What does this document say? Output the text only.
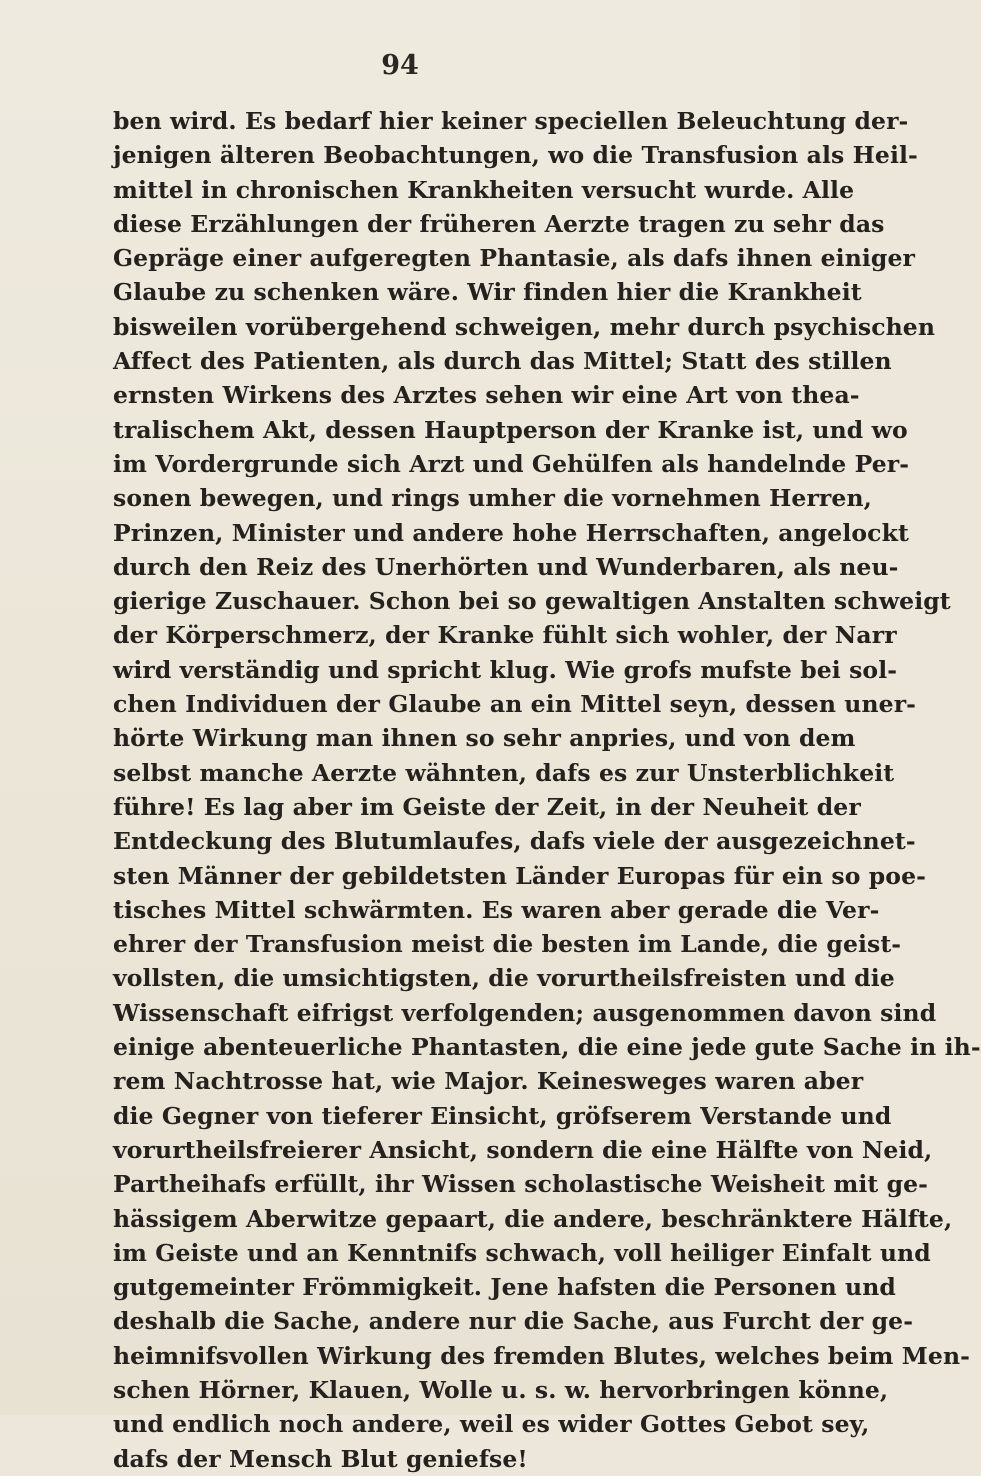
94
ben wird. Es bedarf hier keiner speciellen Beleuchtung der-
jenigen älteren Beobachtungen, wo die Transfusion als Heil-
mittel in chronischen Krankheiten versucht wurde. Alle
diese Erzählungen der früheren Aerzte tragen zu sehr das
Gepräge einer aufgeregten Phantasie, als dafs ihnen einiger
Glaube zu schenken wäre. Wir finden hier die Krankheit
bisweilen vorübergehend schweigen, mehr durch psychischen
Affect des Patienten, als durch das Mittel; Statt des stillen
ernsten Wirkens des Arztes sehen wir eine Art von thea-
tralischem Akt, dessen Hauptperson der Kranke ist, und wo
im Vordergrunde sich Arzt und Gehülfen als handelnde Per-
sonen bewegen, und rings umher die vornehmen Herren,
Prinzen, Minister und andere hohe Herrschaften, angelockt
durch den Reiz des Unerhörten und Wunderbaren, als neu-
gierige Zuschauer. Schon bei so gewaltigen Anstalten schweigt
der Körperschmerz, der Kranke fühlt sich wohler, der Narr
wird verständig und spricht klug. Wie grofs mufste bei sol-
chen Individuen der Glaube an ein Mittel seyn, dessen uner-
hörte Wirkung man ihnen so sehr anpries, und von dem
selbst manche Aerzte wähnten, dafs es zur Unsterblichkeit
führe! Es lag aber im Geiste der Zeit, in der Neuheit der
Entdeckung des Blutumlaufes, dafs viele der ausgezeichnet-
sten Männer der gebildetsten Länder Europas für ein so poe-
tisches Mittel schwärmten. Es waren aber gerade die Ver-
ehrer der Transfusion meist die besten im Lande, die geist-
vollsten, die umsichtigsten, die vorurtheilsfreisten und die
Wissenschaft eifrigst verfolgenden; ausgenommen davon sind
einige abenteuerliche Phantasten, die eine jede gute Sache in ih-
rem Nachtrosse hat, wie Major. Keinesweges waren aber
die Gegner von tieferer Einsicht, gröfserem Verstande und
vorurtheilsfreierer Ansicht, sondern die eine Hälfte von Neid,
Partheihafs erfüllt, ihr Wissen scholastische Weisheit mit ge-
hässigem Aberwitze gepaart, die andere, beschränktere Hälfte,
im Geiste und an Kenntnifs schwach, voll heiliger Einfalt und
gutgemeinter Frömmigkeit. Jene hafsten die Personen und
deshalb die Sache, andere nur die Sache, aus Furcht der ge-
heimnifsvollen Wirkung des fremden Blutes, welches beim Men-
schen Hörner, Klauen, Wolle u. s. w. hervorbringen könne,
und endlich noch andere, weil es wider Gottes Gebot sey,
dafs der Mensch Blut geniefse!
